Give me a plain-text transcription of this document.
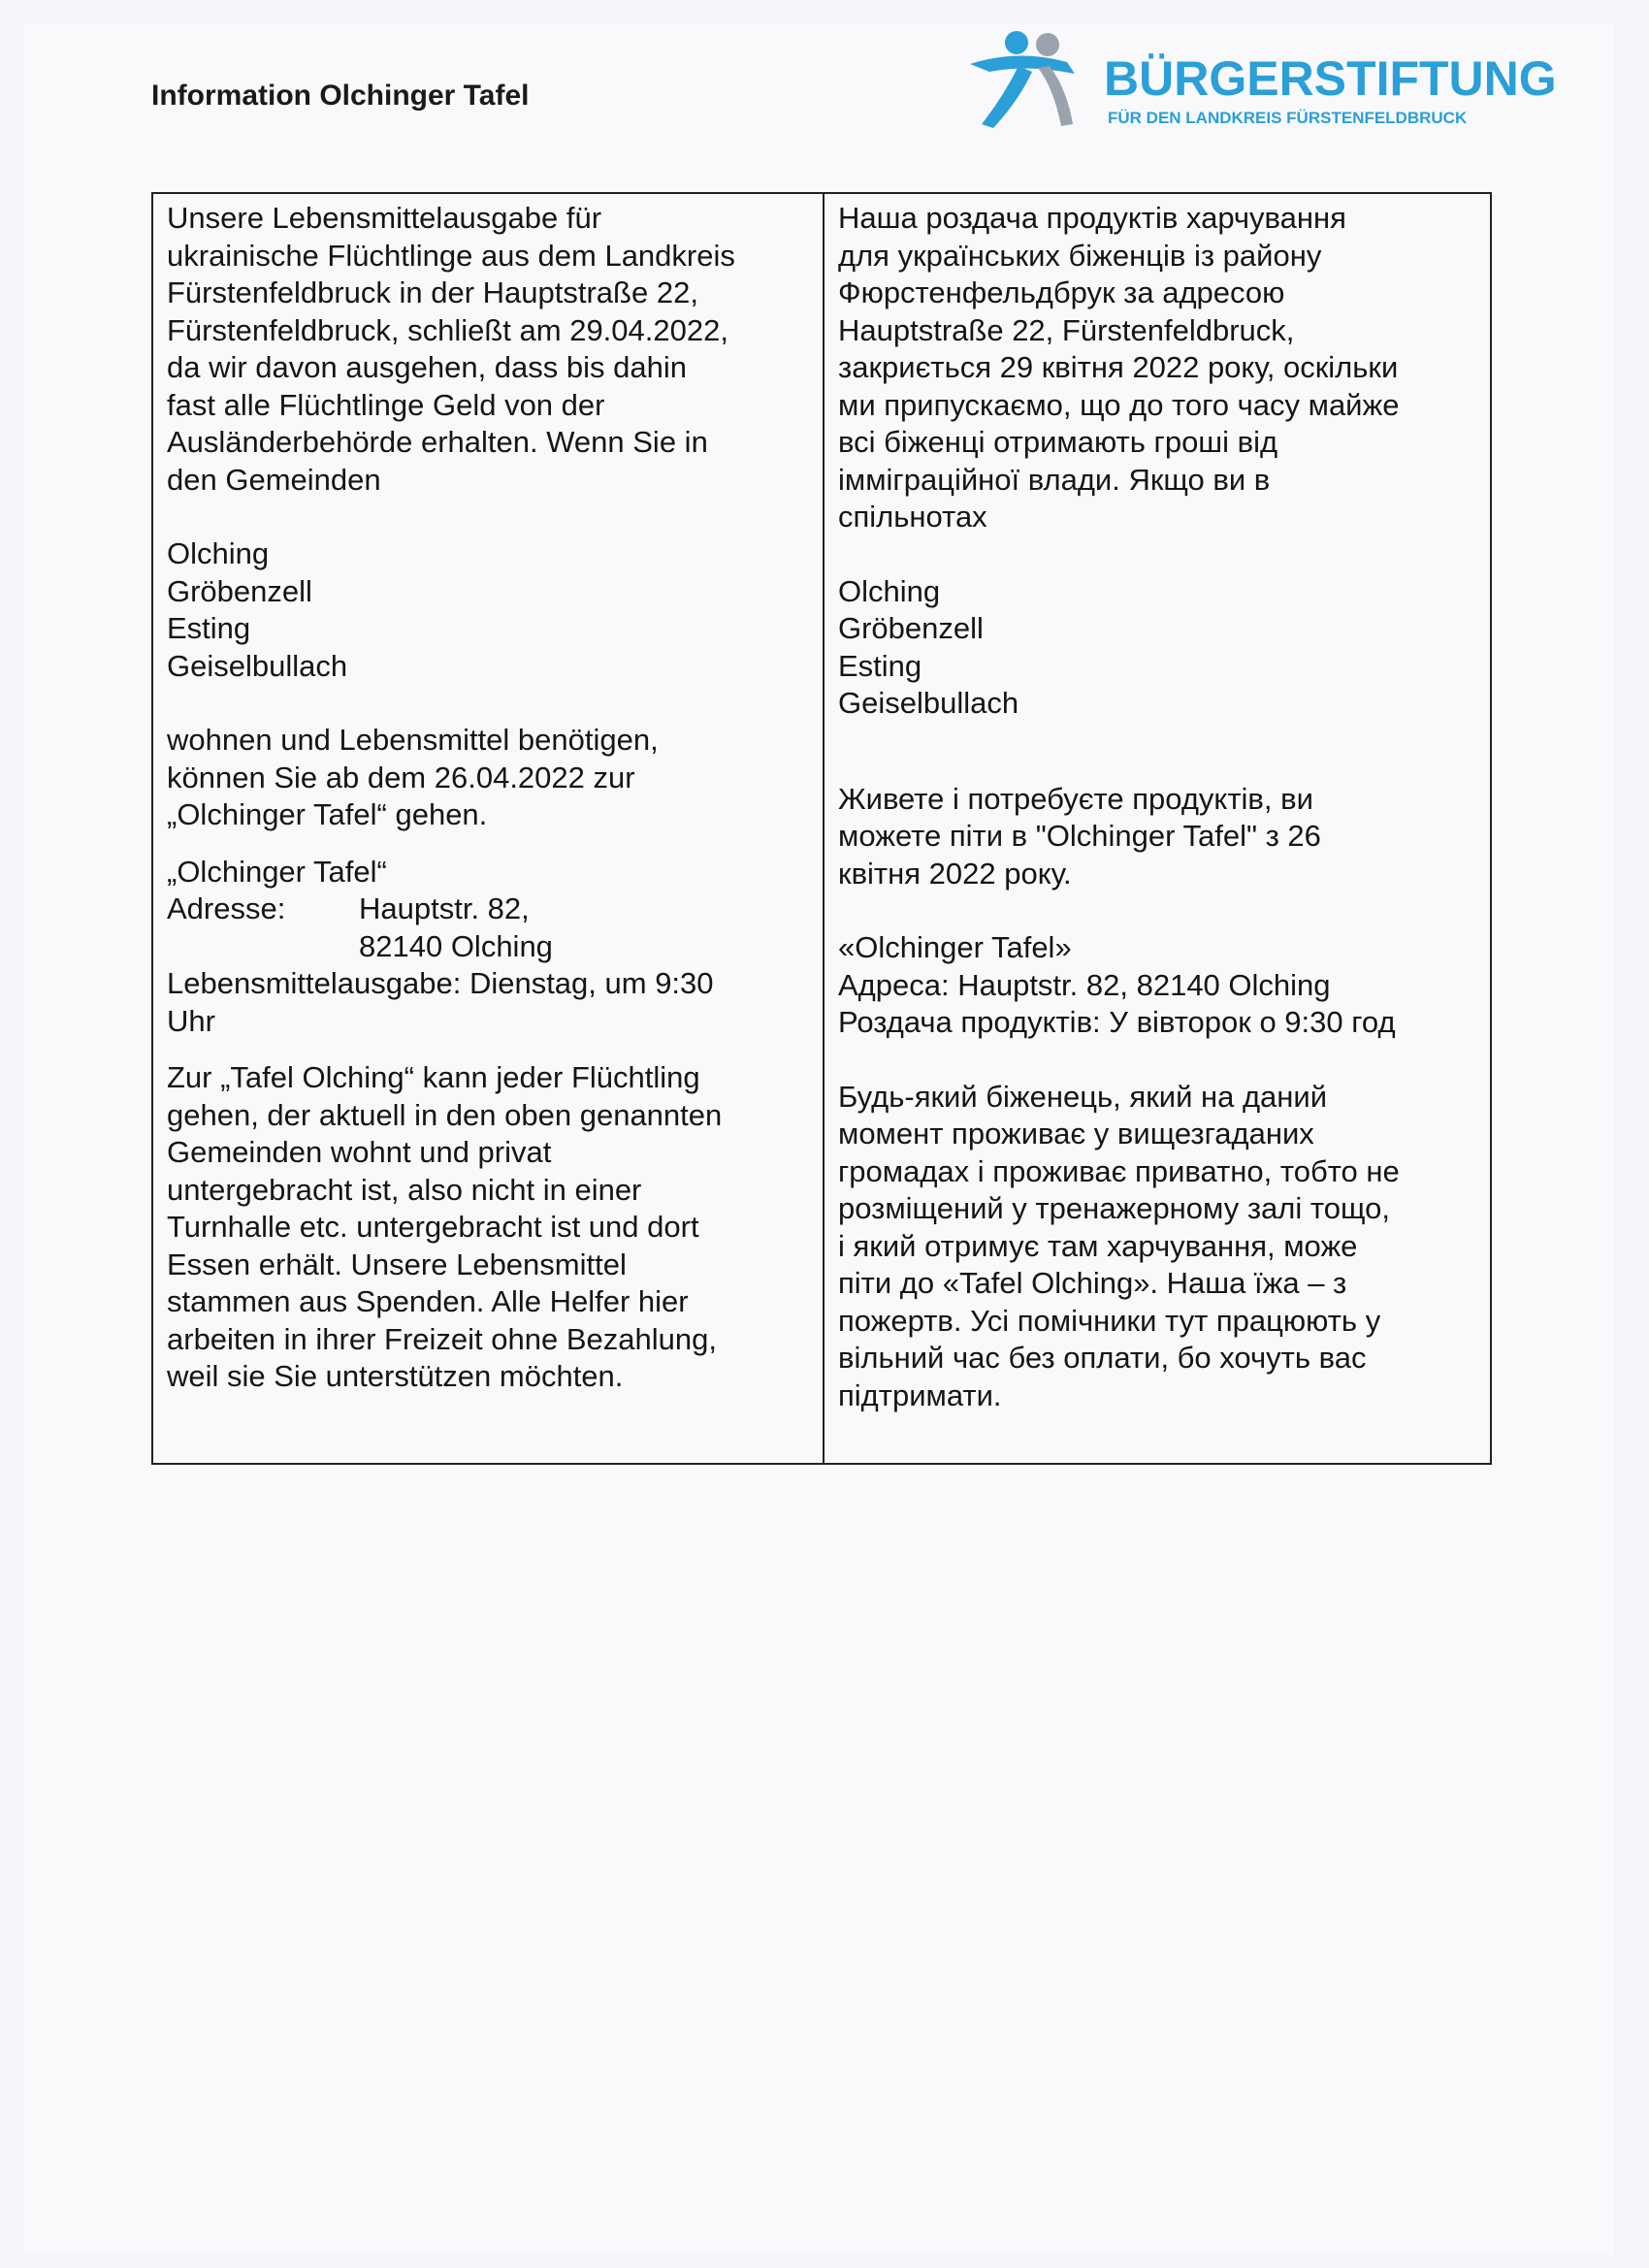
Information Olchinger Tafel	BÜRGERSTIFTUNG
FÜR DEN LANDKREIS FÜRSTENFELDBRUCK
Unsere Lebensmittelausgabe für
ukrainische Flüchtlinge aus dem Landkreis
Fürstenfeldbruck in der Hauptstraße 22,
Fürstenfeldbruck, schließt am 29.04.2022,
da wir davon ausgehen, dass bis dahin
fast alle Flüchtlinge Geld von der
Ausländerbehörde erhalten. Wenn Sie in
den Gemeinden
Olching
Gröbenzell
Esting
Geiselbullach
wohnen und Lebensmittel benötigen,
können Sie ab dem 26.04.2022 zur
„Olchinger Tafel“ gehen.
„Olchinger Tafel“
Adresse:	Hauptstr. 82,
82140 Olching
Lebensmittelausgabe: Dienstag, um 9:30
Uhr
Zur „Tafel Olching“ kann jeder Flüchtling
gehen, der aktuell in den oben genannten
Gemeinden wohnt und privat
untergebracht ist, also nicht in einer
Turnhalle etc. untergebracht ist und dort
Essen erhält. Unsere Lebensmittel
stammen aus Spenden. Alle Helfer hier
arbeiten in ihrer Freizeit ohne Bezahlung,
weil sie Sie unterstützen möchten.

Наша роздача продуктів харчування
для українських біженців із району
Фюрстенфельдбрук за адресою
Hauptstraße 22, Fürstenfeldbruck,
закриється 29 квітня 2022 року, оскільки
ми припускаємо, що до того часу майже
всі біженці отримають гроші від
імміграційної влади. Якщо ви в
спільнотах
Olching
Gröbenzell
Esting
Geiselbullach
Живете і потребуєте продуктів, ви
можете піти в "Olchinger Tafel" з 26
квітня 2022 року.
«Olchinger Tafel»
Адреса: Hauptstr. 82, 82140 Olching
Роздача продуктів: У вівторок о 9:30 год
Будь-який біженець, який на даний
момент проживає у вищезгаданих
громадах і проживає приватно, тобто не
розміщений у тренажерному залі тощо,
і який отримує там харчування, може
піти до «Tafel Olching». Наша їжа – з
пожертв. Усі помічники тут працюють у
вільний час без оплати, бо хочуть вас
підтримати.
